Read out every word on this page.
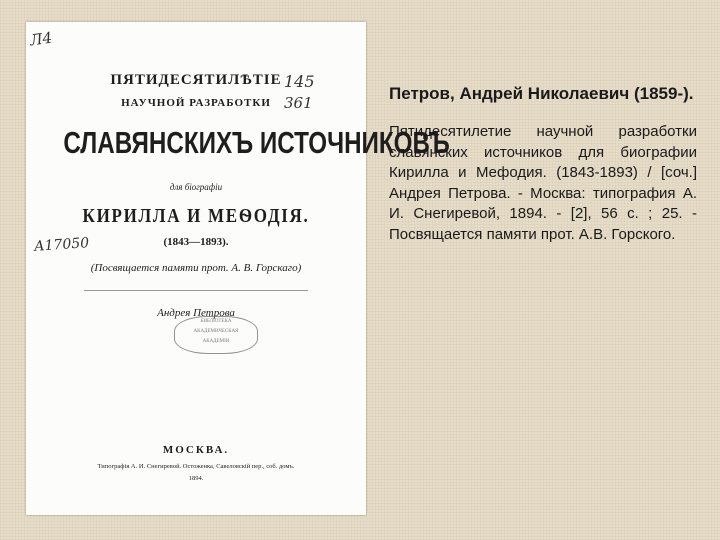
Л4
145
361
ПЯТИДЕСЯТИЛѢТІЕ
НАУЧНОЙ РАЗРАБОТКИ
СЛАВЯНСКИХЪ ИСТОЧНИКОВЪ
для біографіи
КИРИЛЛА И МЕѲОДІЯ.
(1843—1893).
А17050
(Посвящается памяти прот. А. В. Горскаго)
Андрея Петрова
БИБЛІОТЕКА
АКАДЕМИЧЕСКАЯ
АКАДЕМІИ
МОСКВА.
Типографія А. И. Снегиревой. Остоженка, Савеловскій пер., соб. домъ.
1894.
Петров, Андрей Николаевич (1859-).
Пятидесятилетие научной разработки славянских источников для биографии Кирилла и Мефодия. (1843-1893) / [соч.] Андрея Петрова. - Москва: типография А. И. Снегиревой, 1894. - [2], 56 с. ; 25. - Посвящается памяти прот. А.В. Горского.
